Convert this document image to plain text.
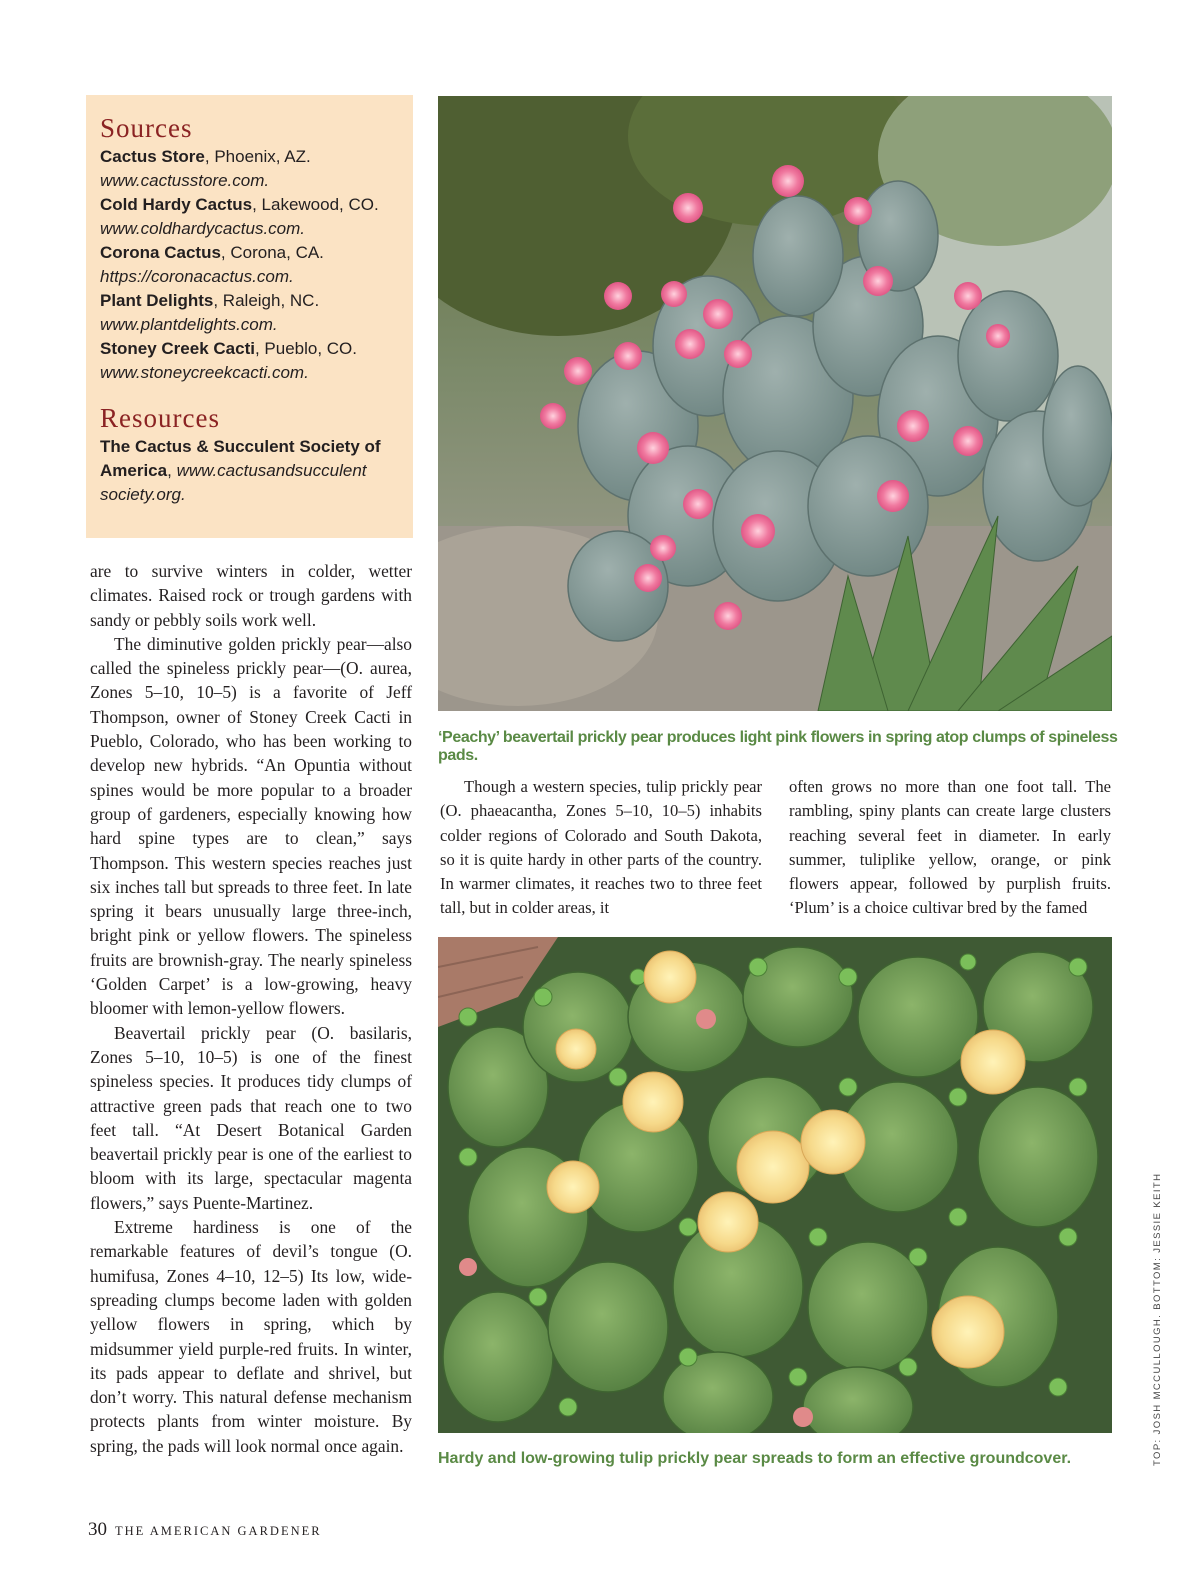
Sources
Cactus Store, Phoenix, AZ.
www.cactusstore.com.
Cold Hardy Cactus, Lakewood, CO.
www.coldhardycactus.com.
Corona Cactus, Corona, CA.
https://coronacactus.com.
Plant Delights, Raleigh, NC.
www.plantdelights.com.
Stoney Creek Cacti, Pueblo, CO.
www.stoneycreekcacti.com.
Resources
The Cactus & Succulent Society of America, www.cactusandsucculent society.org.

are to survive winters in colder, wetter climates. Raised rock or trough gardens with sandy or pebbly soils work well.

The diminutive golden prickly pear—also called the spineless prickly pear—(O. aurea, Zones 5–10, 10–5) is a favorite of Jeff Thompson, owner of Stoney Creek Cacti in Pueblo, Colorado, who has been working to develop new hybrids. “An Opuntia without spines would be more popular to a broader group of gardeners, especially knowing how hard spine types are to clean,” says Thompson. This western species reaches just six inches tall but spreads to three feet. In late spring it bears unusually large three-inch, bright pink or yellow flowers. The spineless fruits are brownish-gray. The nearly spineless ‘Golden Carpet’ is a low-growing, heavy bloomer with lemon-yellow flowers.

Beavertail prickly pear (O. basilaris, Zones 5–10, 10–5) is one of the finest spineless species. It produces tidy clumps of attractive green pads that reach one to two feet tall. “At Desert Botanical Garden beavertail prickly pear is one of the earliest to bloom with its large, spectacular magenta flowers,” says Puente-Martinez.

Extreme hardiness is one of the remarkable features of devil’s tongue (O. humifusa, Zones 4–10, 12–5) Its low, wide-spreading clumps become laden with golden yellow flowers in spring, which by midsummer yield purple-red fruits. In winter, its pads appear to deflate and shrivel, but don’t worry. This natural defense mechanism protects plants from winter moisture. By spring, the pads will look normal once again.

‘Peachy’ beavertail prickly pear produces light pink flowers in spring atop clumps of spineless pads.

Though a western species, tulip prickly pear (O. phaeacantha, Zones 5–10, 10–5) inhabits colder regions of Colorado and South Dakota, so it is quite hardy in other parts of the country. In warmer climates, it reaches two to three feet tall, but in colder areas, it

often grows no more than one foot tall. The rambling, spiny plants can create large clusters reaching several feet in diameter. In early summer, tuliplike yellow, orange, or pink flowers appear, followed by purplish fruits. ‘Plum’ is a choice cultivar bred by the famed

Hardy and low-growing tulip prickly pear spreads to form an effective groundcover.	TOP: JOSH MCCULLOUGH. BOTTOM: JESSIE KEITH
30 THE AMERICAN GARDENER
